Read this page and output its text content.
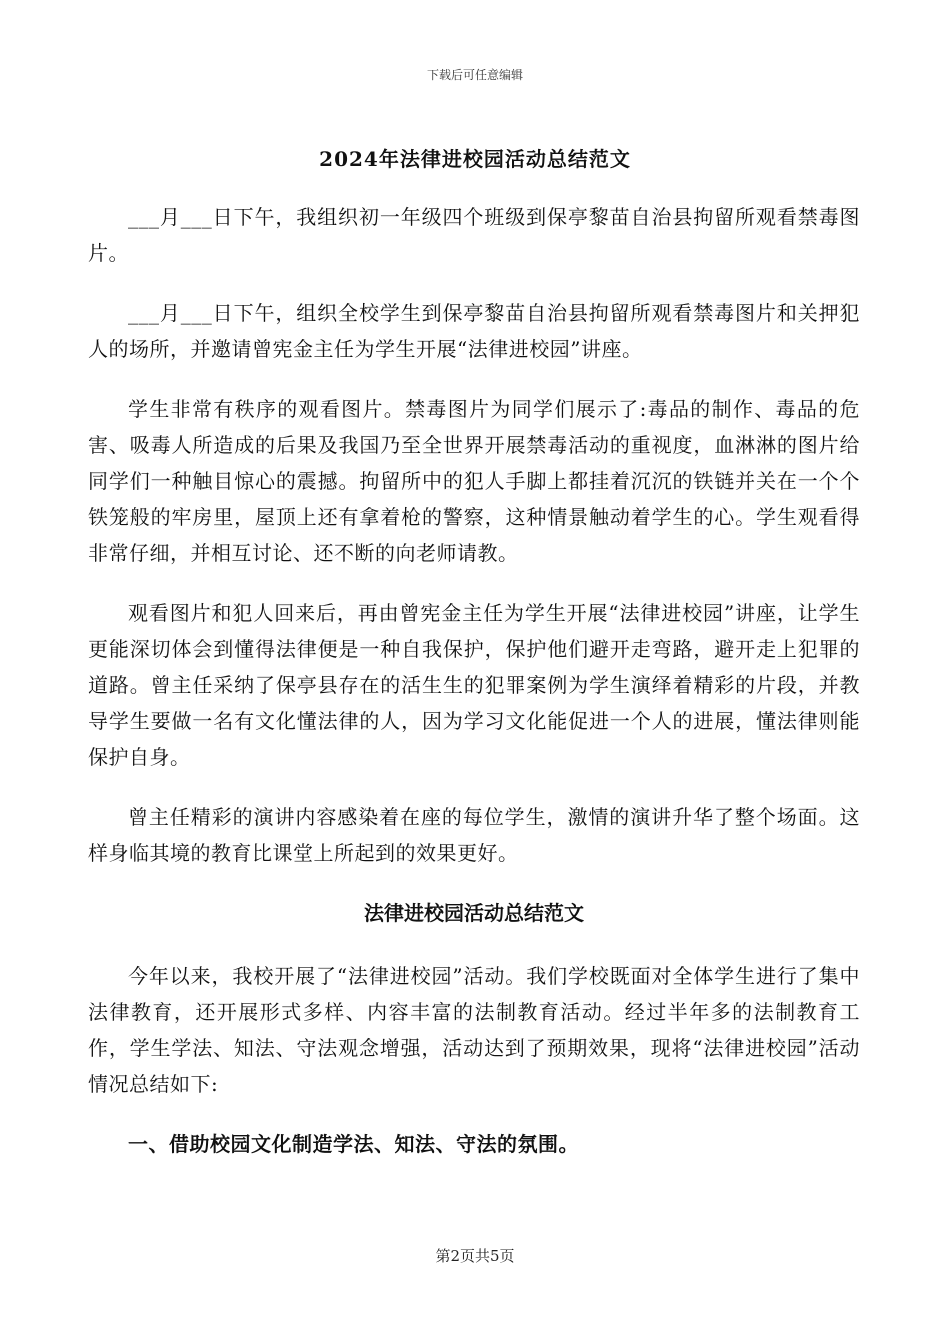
下载后可任意编辑
2024年法律进校园活动总结范文

___月___日下午，我组织初一年级四个班级到保亭黎苗自治县拘留所观看禁毒图片。

___月___日下午，组织全校学生到保亭黎苗自治县拘留所观看禁毒图片和关押犯人的场所，并邀请曾宪金主任为学生开展“法律进校园”讲座。

学生非常有秩序的观看图片。禁毒图片为同学们展示了:毒品的制作、毒品的危害、吸毒人所造成的后果及我国乃至全世界开展禁毒活动的重视度，血淋淋的图片给同学们一种触目惊心的震撼。拘留所中的犯人手脚上都挂着沉沉的铁链并关在一个个铁笼般的牢房里，屋顶上还有拿着枪的警察，这种情景触动着学生的心。学生观看得非常仔细，并相互讨论、还不断的向老师请教。

观看图片和犯人回来后，再由曾宪金主任为学生开展“法律进校园”讲座，让学生更能深切体会到懂得法律便是一种自我保护，保护他们避开走弯路，避开走上犯罪的道路。曾主任采纳了保亭县存在的活生生的犯罪案例为学生演绎着精彩的片段，并教导学生要做一名有文化懂法律的人，因为学习文化能促进一个人的进展，懂法律则能保护自身。

曾主任精彩的演讲内容感染着在座的每位学生，激情的演讲升华了整个场面。这样身临其境的教育比课堂上所起到的效果更好。

法律进校园活动总结范文

今年以来，我校开展了“法律进校园”活动。我们学校既面对全体学生进行了集中法律教育，还开展形式多样、内容丰富的法制教育活动。经过半年多的法制教育工作，学生学法、知法、守法观念增强，活动达到了预期效果，现将“法律进校园”活动情况总结如下:

一、借助校园文化制造学法、知法、守法的氛围。

第2页共5页
